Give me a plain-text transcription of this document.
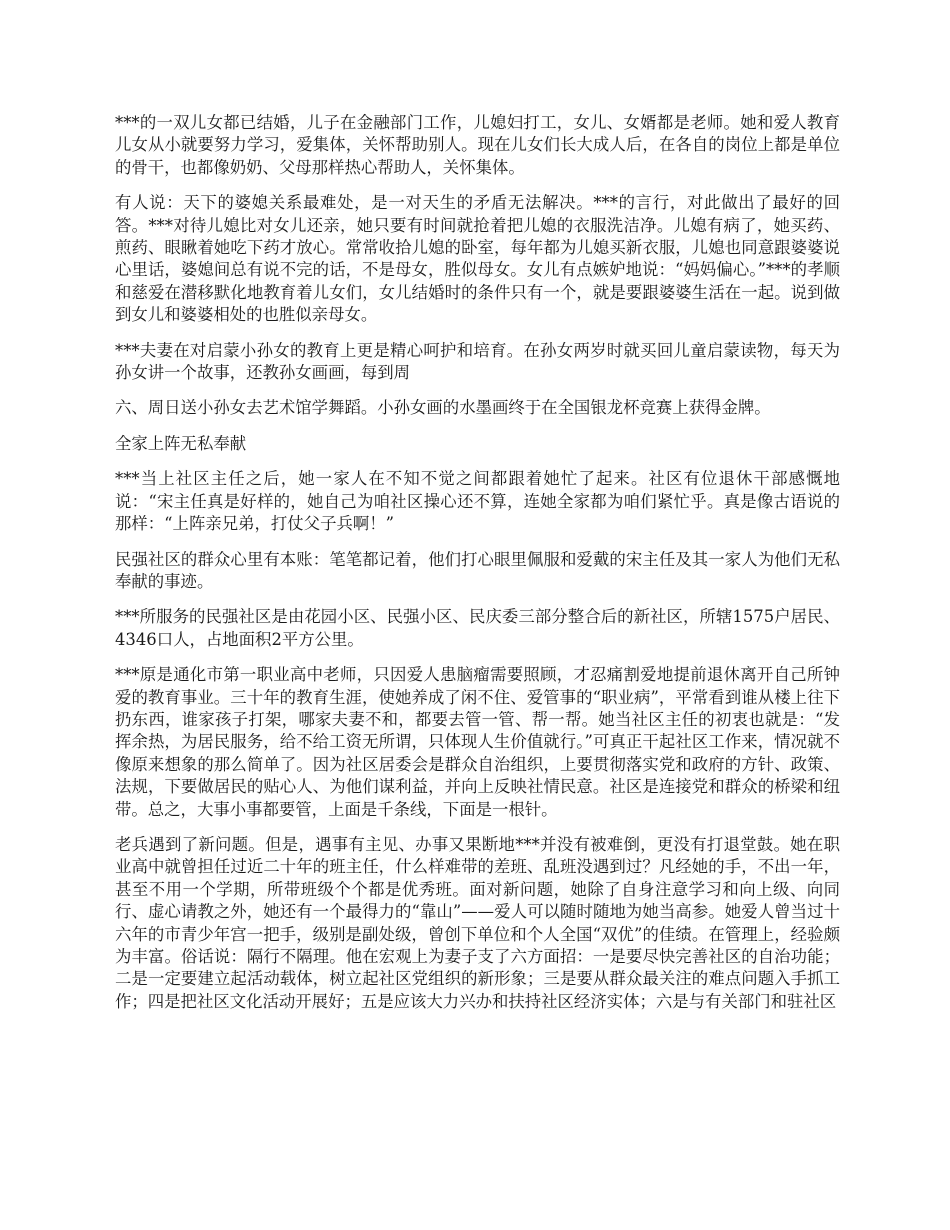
***的一双儿女都已结婚，儿子在金融部门工作，儿媳妇打工，女儿、女婿都是老师。她和爱人教育儿女从小就要努力学习，爱集体，关怀帮助别人。现在儿女们长大成人后，在各自的岗位上都是单位的骨干，也都像奶奶、父母那样热心帮助人，关怀集体。

有人说：天下的婆媳关系最难处，是一对天生的矛盾无法解决。***的言行，对此做出了最好的回答。***对待儿媳比对女儿还亲，她只要有时间就抢着把儿媳的衣服洗洁净。儿媳有病了，她买药、煎药、眼瞅着她吃下药才放心。常常收拾儿媳的卧室，每年都为儿媳买新衣服，儿媳也同意跟婆婆说心里话，婆媳间总有说不完的话，不是母女，胜似母女。女儿有点嫉妒地说：“妈妈偏心。”***的孝顺和慈爱在潜移默化地教育着儿女们，女儿结婚时的条件只有一个，就是要跟婆婆生活在一起。说到做到女儿和婆婆相处的也胜似亲母女。

***夫妻在对启蒙小孙女的教育上更是精心呵护和培育。在孙女两岁时就买回儿童启蒙读物，每天为孙女讲一个故事，还教孙女画画，每到周

六、周日送小孙女去艺术馆学舞蹈。小孙女画的水墨画终于在全国银龙杯竞赛上获得金牌。

全家上阵无私奉献

***当上社区主任之后，她一家人在不知不觉之间都跟着她忙了起来。社区有位退休干部感慨地说：“宋主任真是好样的，她自己为咱社区操心还不算，连她全家都为咱们紧忙乎。真是像古语说的那样：“上阵亲兄弟，打仗父子兵啊！”

民强社区的群众心里有本账：笔笔都记着，他们打心眼里佩服和爱戴的宋主任及其一家人为他们无私奉献的事迹。

***所服务的民强社区是由花园小区、民强小区、民庆委三部分整合后的新社区，所辖1575户居民、4346口人，占地面积2平方公里。

***原是通化市第一职业高中老师，只因爱人患脑瘤需要照顾，才忍痛割爱地提前退休离开自己所钟爱的教育事业。三十年的教育生涯，使她养成了闲不住、爱管事的“职业病”，平常看到谁从楼上往下扔东西，谁家孩子打架，哪家夫妻不和，都要去管一管、帮一帮。她当社区主任的初衷也就是：“发挥余热，为居民服务，给不给工资无所谓，只体现人生价值就行。”可真正干起社区工作来，情况就不像原来想象的那么简单了。因为社区居委会是群众自治组织，上要贯彻落实党和政府的方针、政策、法规，下要做居民的贴心人、为他们谋利益，并向上反映社情民意。社区是连接党和群众的桥梁和纽带。总之，大事小事都要管，上面是千条线，下面是一根针。

老兵遇到了新问题。但是，遇事有主见、办事又果断地***并没有被难倒，更没有打退堂鼓。她在职业高中就曾担任过近二十年的班主任，什么样难带的差班、乱班没遇到过？凡经她的手，不出一年，甚至不用一个学期，所带班级个个都是优秀班。面对新问题，她除了自身注意学习和向上级、向同行、虚心请教之外，她还有一个最得力的“靠山”——爱人可以随时随地为她当高参。她爱人曾当过十六年的市青少年宫一把手，级别是副处级，曾创下单位和个人全国“双优”的佳绩。在管理上，经验颇为丰富。俗话说：隔行不隔理。他在宏观上为妻子支了六方面招：一是要尽快完善社区的自治功能；二是一定要建立起活动载体，树立起社区党组织的新形象；三是要从群众最关注的难点问题入手抓工作；四是把社区文化活动开展好；五是应该大力兴办和扶持社区经济实体；六是与有关部门和驻社区
